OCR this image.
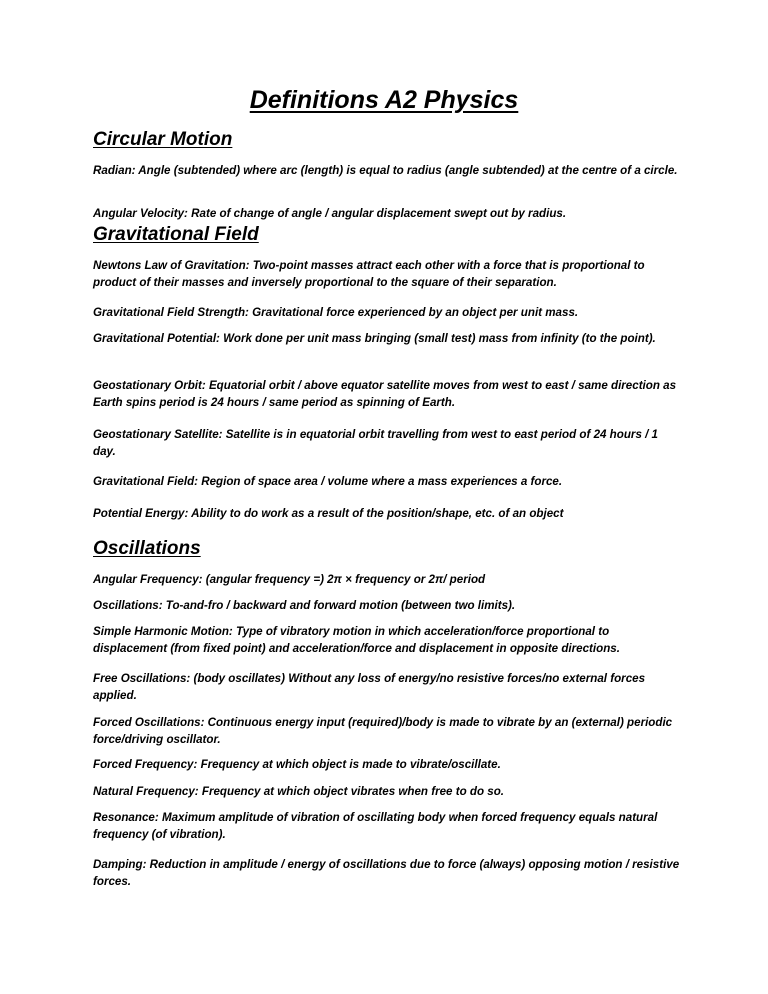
Definitions A2 Physics
Circular Motion

Radian: Angle (subtended) where arc (length) is equal to radius (angle subtended) at the centre of a circle.

Angular Velocity: Rate of change of angle / angular displacement swept out by radius.

Gravitational Field

Newtons Law of Gravitation: Two-point masses attract each other with a force that is proportional to product of their masses and inversely proportional to the square of their separation.

Gravitational Field Strength: Gravitational force experienced by an object per unit mass.

Gravitational Potential: Work done per unit mass bringing (small test) mass from infinity (to the point).

Geostationary Orbit: Equatorial orbit / above equator satellite moves from west to east / same direction as Earth spins period is 24 hours / same period as spinning of Earth.

Geostationary Satellite: Satellite is in equatorial orbit travelling from west to east period of 24 hours / 1 day.

Gravitational Field: Region of space area / volume where a mass experiences a force.

Potential Energy: Ability to do work as a result of the position/shape, etc. of an object

Oscillations

Angular Frequency: (angular frequency =) 2π × frequency or 2π/ period

Oscillations: To-and-fro / backward and forward motion (between two limits).

Simple Harmonic Motion: Type of vibratory motion in which acceleration/force proportional to displacement (from fixed point) and acceleration/force and displacement in opposite directions.

Free Oscillations: (body oscillates) Without any loss of energy/no resistive forces/no external forces applied.

Forced Oscillations: Continuous energy input (required)/body is made to vibrate by an (external) periodic force/driving oscillator.

Forced Frequency: Frequency at which object is made to vibrate/oscillate.

Natural Frequency: Frequency at which object vibrates when free to do so.

Resonance: Maximum amplitude of vibration of oscillating body when forced frequency equals natural frequency (of vibration).

Damping: Reduction in amplitude / energy of oscillations due to force (always) opposing motion / resistive forces.
